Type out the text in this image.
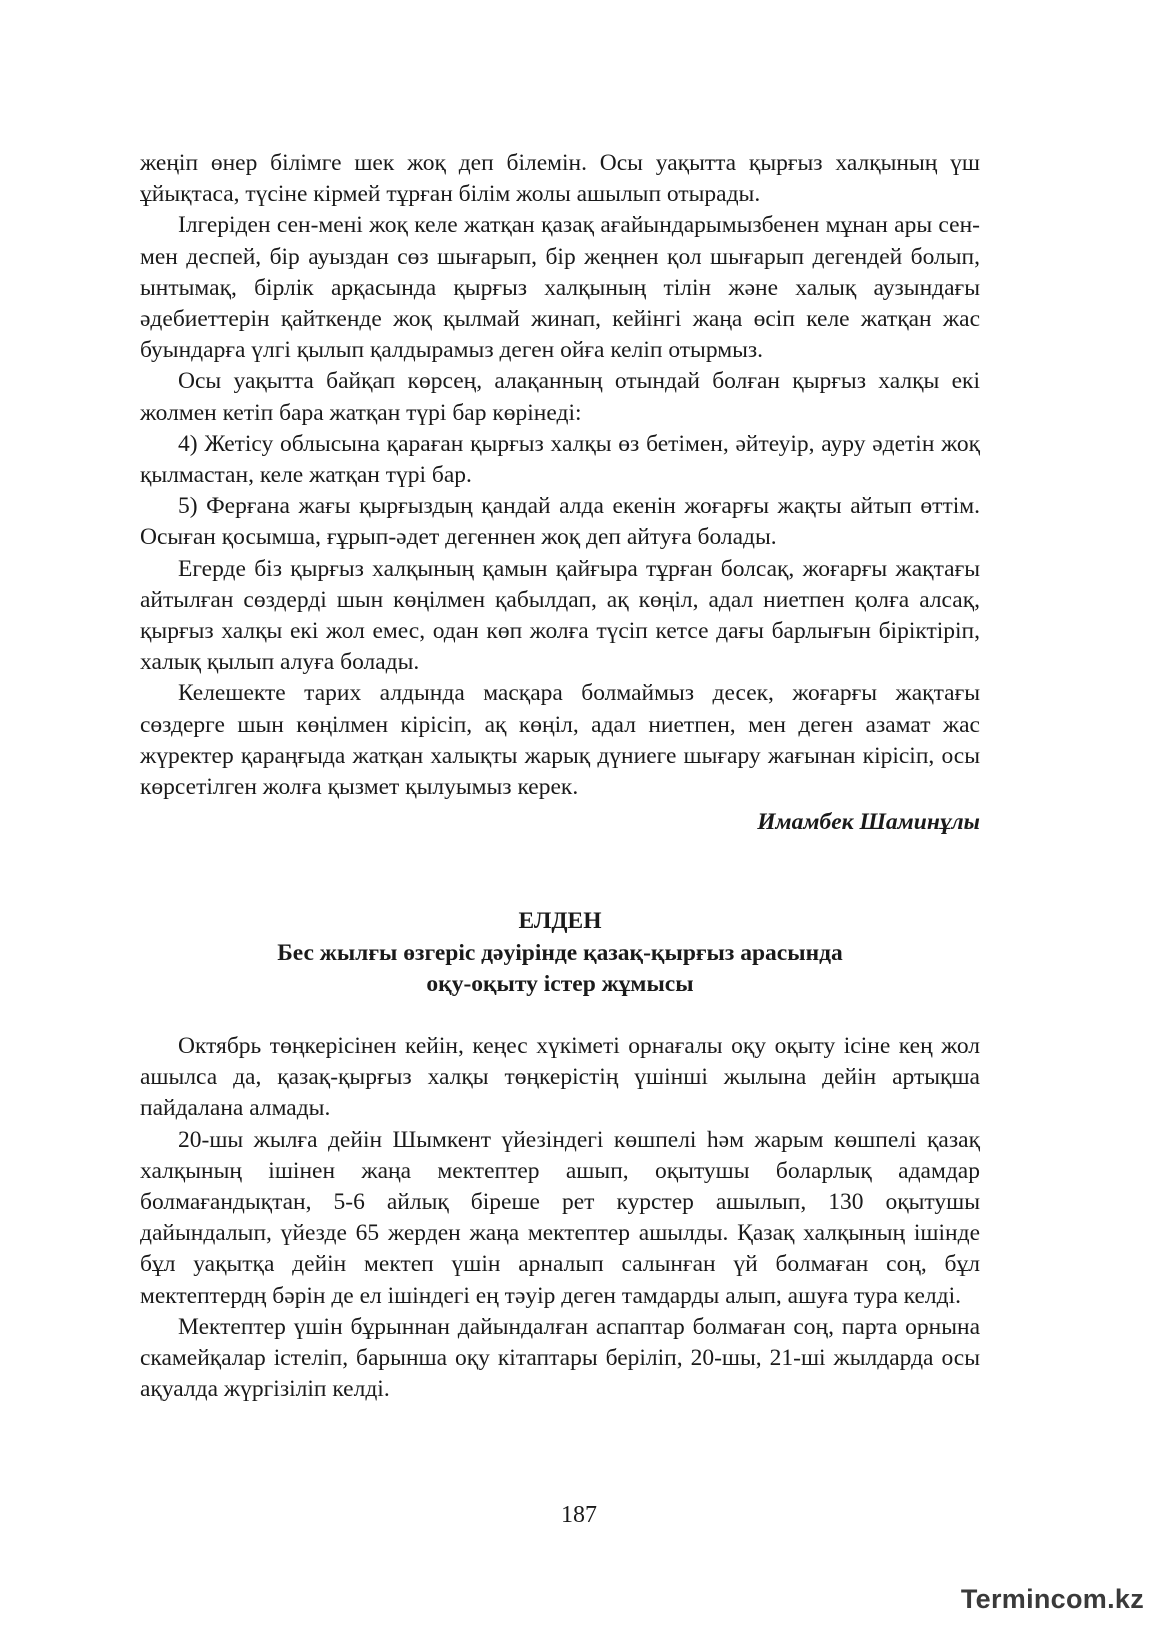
жеңіп өнер білімге шек жоқ деп білемін. Осы уақытта қырғыз халқының үш ұйықтаса, түсіне кірмей тұрған білім жолы ашылып отырады.

Ілгеріден сен-мені жоқ келе жатқан қазақ ағайындарымызбенен мұнан ары сен-мен деспей, бір ауыздан сөз шығарып, бір жеңнен қол шығарып дегендей болып, ынтымақ, бірлік арқасында қырғыз халқының тілін және халық аузындағы әдебиеттерін қайткенде жоқ қылмай жинап, кейінгі жаңа өсіп келе жатқан жас буындарға үлгі қылып қалдырамыз деген ойға келіп отырмыз.

Осы уақытта байқап көрсең, алақанның отындай болған қырғыз халқы екі жолмен кетіп бара жатқан түрі бар көрінеді:

4) Жетісу облысына қараған қырғыз халқы өз бетімен, әйтеуір, ауру әдетін жоқ қылмастан, келе жатқан түрі бар.

5) Ферғана жағы қырғыздың қандай алда екенін жоғарғы жақты айтып өттім. Осыған қосымша, ғұрып-әдет дегеннен жоқ деп айтуға болады.

Егерде біз қырғыз халқының қамын қайғыра тұрған болсақ, жоғарғы жақтағы айтылған сөздерді шын көңілмен қабылдап, ақ көңіл, адал ниетпен қолға алсақ, қырғыз халқы екі жол емес, одан көп жолға түсіп кетсе дағы барлығын біріктіріп, халық қылып алуға болады.

Келешекте тарих алдында масқара болмаймыз десек, жоғарғы жақтағы сөздерге шын көңілмен кірісіп, ақ көңіл, адал ниетпен, мен деген азамат жас жүректер қараңғыда жатқан халықты жарық дүниеге шығару жағынан кірісіп, осы көрсетілген жолға қызмет қылуымыз керек.

Имамбек Шаминұлы

ЕЛДЕН
Бес жылғы өзгеріс дәуірінде қазақ-қырғыз арасында
оқу-оқыту істер жұмысы

Октябрь төңкерісінен кейін, кеңес хүкіметі орнағалы оқу оқыту ісіне кең жол ашылса да, қазақ-қырғыз халқы төңкерістің үшінші жылына дейін артықша пайдалана алмады.

20-шы жылға дейін Шымкент үйезіндегі көшпелі һәм жарым көшпелі қазақ халқының ішінен жаңа мектептер ашып, оқытушы боларлық адамдар болмағандықтан, 5-6 айлық біреше рет курстер ашылып, 130 оқытушы дайындалып, үйезде 65 жерден жаңа мектептер ашылды. Қазақ халқының ішінде бұл уақытқа дейін мектеп үшін арналып салынған үй болмаған соң, бұл мектептердң бәрін де ел ішіндегі ең тәуір деген тамдарды алып, ашуға тура келді.

Мектептер үшін бұрыннан дайындалған аспаптар болмаған соң, парта орнына скамейқалар істеліп, барынша оқу кітаптары беріліп, 20-шы, 21-ші жылдарда осы ақуалда жүргізіліп келді.

187
Termincom.kz
